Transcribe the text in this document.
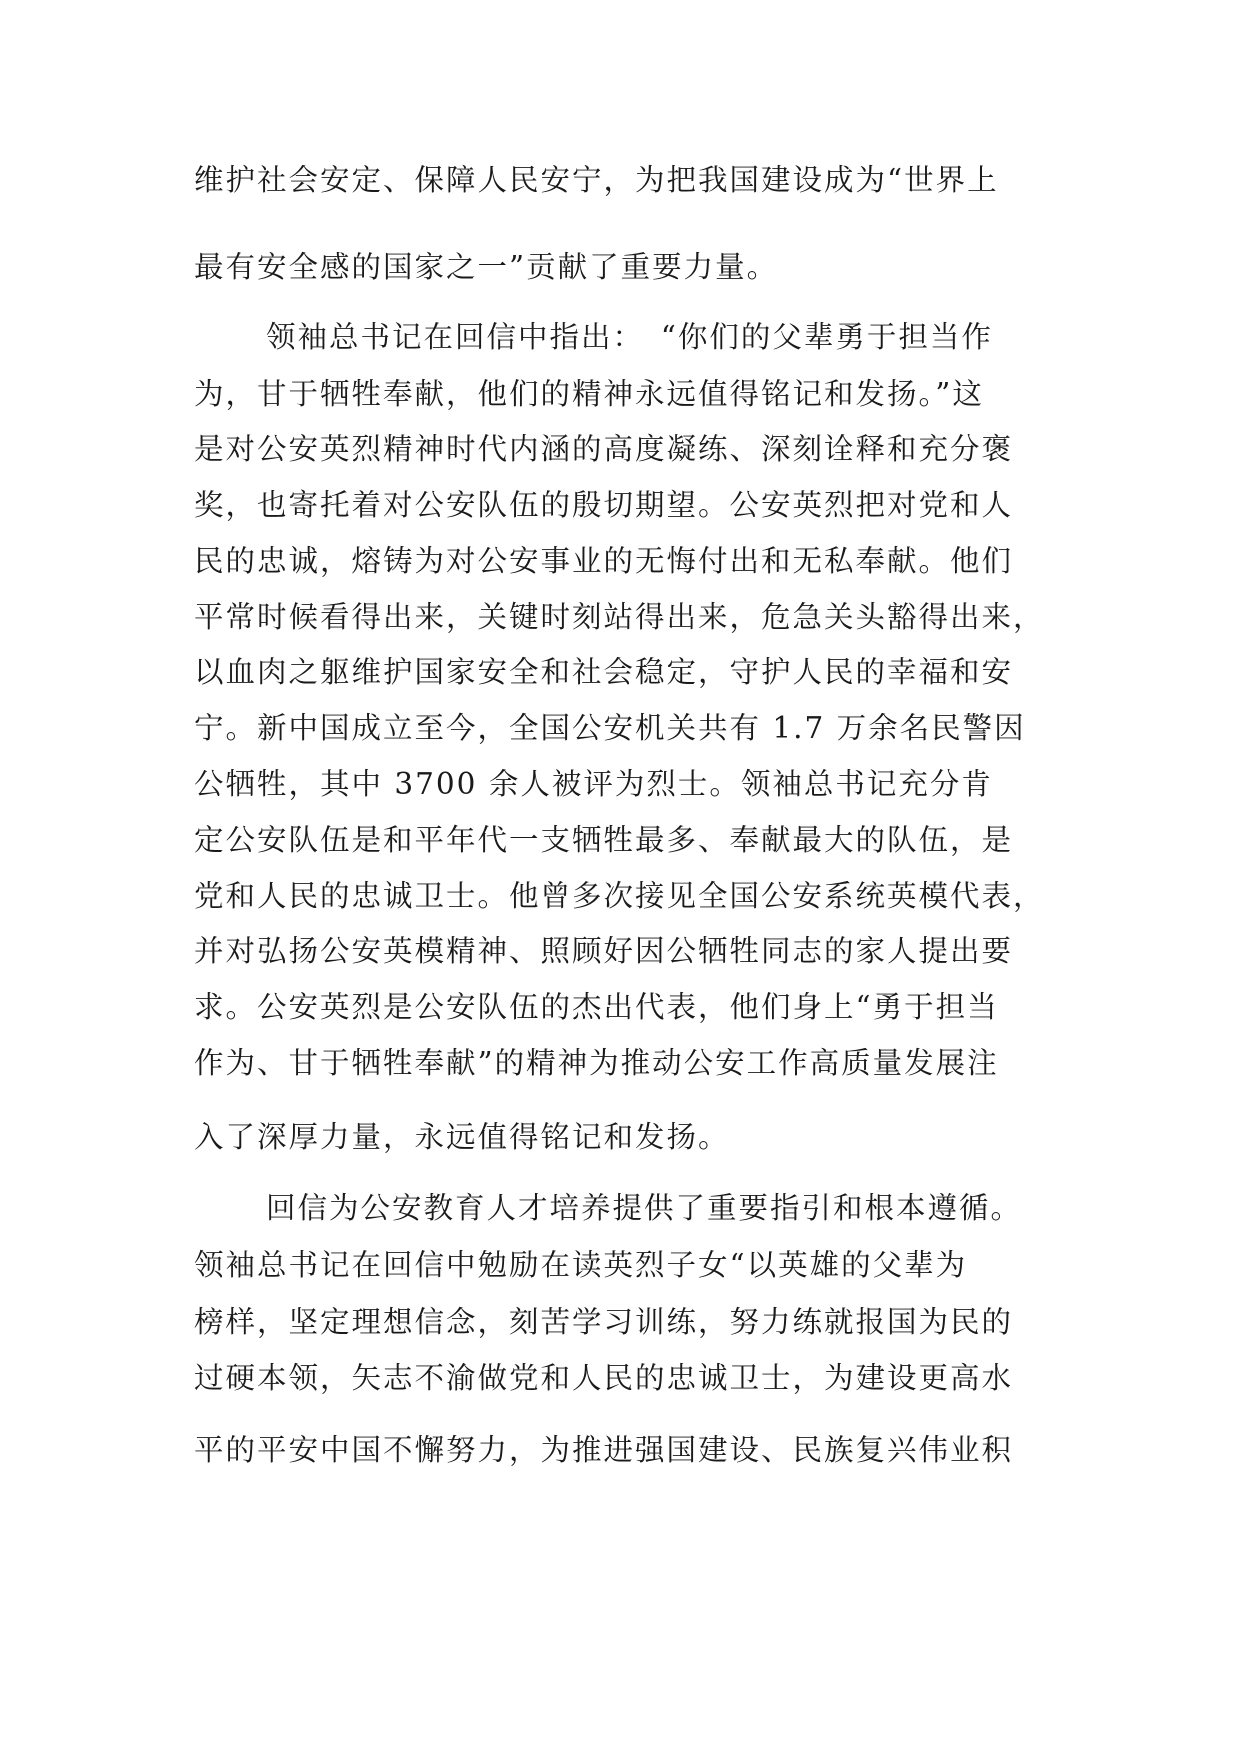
维护社会安定、保障人民安宁，为把我国建设成为“世界上
最有安全感的国家之一”贡献了重要力量。
领袖总书记在回信中指出：　“你们的父辈勇于担当作
为，甘于牺牲奉献，他们的精神永远值得铭记和发扬。”这
是对公安英烈精神时代内涵的高度凝练、深刻诠释和充分褒
奖，也寄托着对公安队伍的殷切期望。公安英烈把对党和人
民的忠诚，熔铸为对公安事业的无悔付出和无私奉献。他们
平常时候看得出来，关键时刻站得出来，危急关头豁得出来，
以血肉之躯维护国家安全和社会稳定，守护人民的幸福和安
宁。新中国成立至今，全国公安机关共有 1.7 万余名民警因
公牺牲，其中 3700 余人被评为烈士。领袖总书记充分肯
定公安队伍是和平年代一支牺牲最多、奉献最大的队伍，是
党和人民的忠诚卫士。他曾多次接见全国公安系统英模代表，
并对弘扬公安英模精神、照顾好因公牺牲同志的家人提出要
求。公安英烈是公安队伍的杰出代表，他们身上“勇于担当
作为、甘于牺牲奉献”的精神为推动公安工作高质量发展注
入了深厚力量，永远值得铭记和发扬。
回信为公安教育人才培养提供了重要指引和根本遵循。
领袖总书记在回信中勉励在读英烈子女“以英雄的父辈为
榜样，坚定理想信念，刻苦学习训练，努力练就报国为民的
过硬本领，矢志不渝做党和人民的忠诚卫士，为建设更高水
平的平安中国不懈努力，为推进强国建设、民族复兴伟业积
